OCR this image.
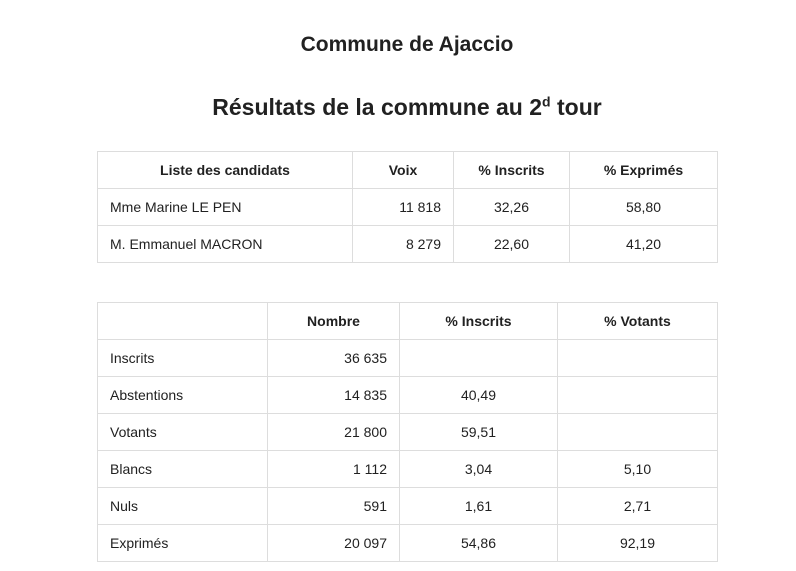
Commune de Ajaccio
Résultats de la commune au 2$^d$ tour
Liste des candidats	Voix	% Inscrits	% Exprimés
Mme Marine LE PEN	11 818	32,26	58,80
M. Emmanuel MACRON	8 279	22,60	41,20
	Nombre	% Inscrits	% Votants
Inscrits	36 635		
Abstentions	14 835	40,49	
Votants	21 800	59,51	
Blancs	1 112	3,04	5,10
Nuls	591	1,61	2,71
Exprimés	20 097	54,86	92,19
